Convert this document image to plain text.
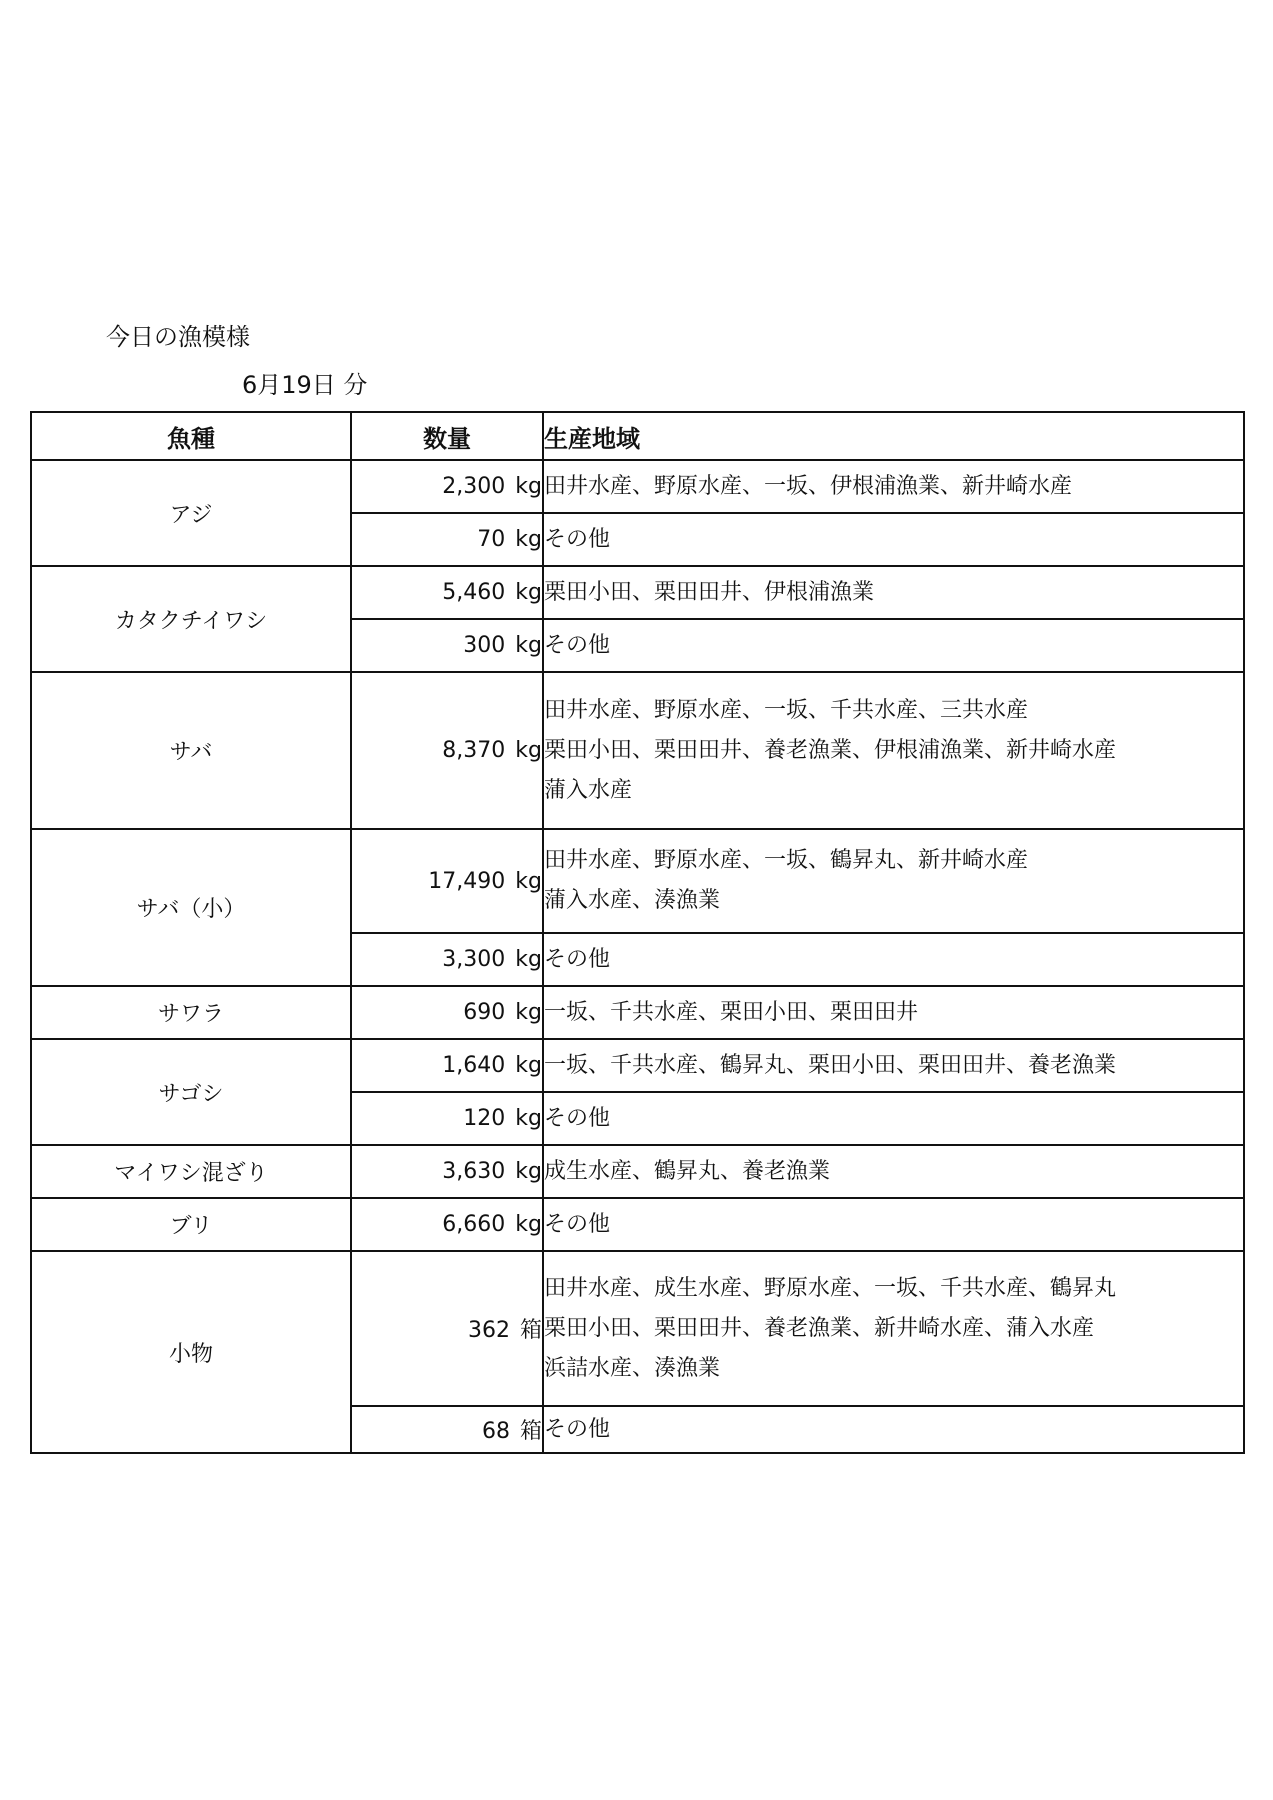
今日の漁模様
6月19日 分
魚種	数量	生産地域
アジ	2,300 kg	田井水産、野原水産、一坂、伊根浦漁業、新井崎水産

	70 kg	その他

カタクチイワシ	5,460 kg	栗田小田、栗田田井、伊根浦漁業

	300 kg	その他

サバ	8,370 kg	田井水産、野原水産、一坂、千共水産、三共水産
栗田小田、栗田田井、養老漁業、伊根浦漁業、新井崎水産
蒲入水産

サバ（小）	17,490 kg	田井水産、野原水産、一坂、鶴昇丸、新井崎水産
蒲入水産、湊漁業

	3,300 kg	その他

サワラ	690 kg	一坂、千共水産、栗田小田、栗田田井

サゴシ	1,640 kg	一坂、千共水産、鶴昇丸、栗田小田、栗田田井、養老漁業

	120 kg	その他

マイワシ混ざり	3,630 kg	成生水産、鶴昇丸、養老漁業

ブリ	6,660 kg	その他

小物	362 箱	田井水産、成生水産、野原水産、一坂、千共水産、鶴昇丸
栗田小田、栗田田井、養老漁業、新井崎水産、蒲入水産
浜詰水産、湊漁業

	68 箱	その他
